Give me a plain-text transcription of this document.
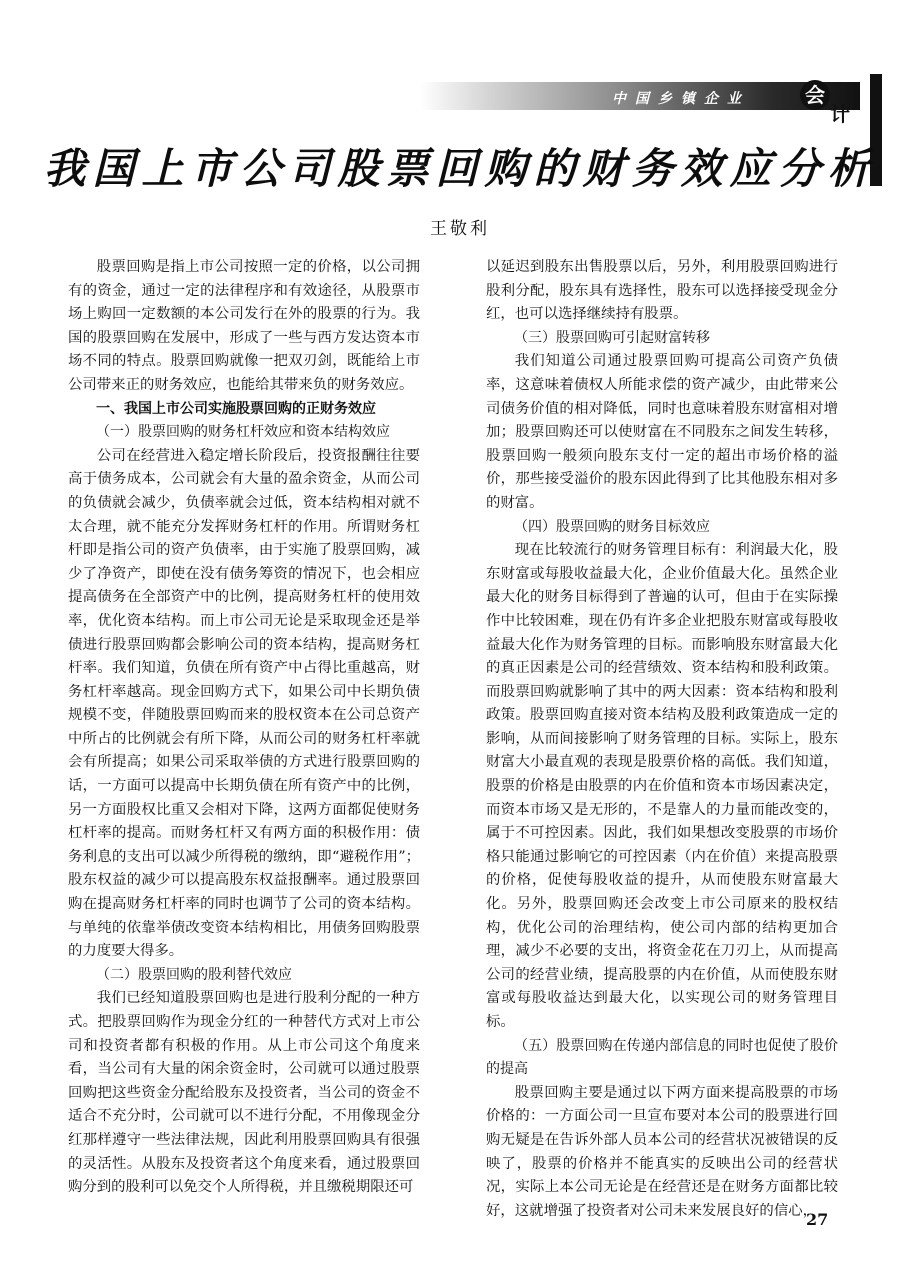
中国乡镇企业	会
计
我国上市公司股票回购的财务效应分析
王敬利

股票回购是指上市公司按照一定的价格，以公司拥有的资金，通过一定的法律程序和有效途径，从股票市场上购回一定数额的本公司发行在外的股票的行为。我国的股票回购在发展中，形成了一些与西方发达资本市场不同的特点。股票回购就像一把双刃剑，既能给上市公司带来正的财务效应，也能给其带来负的财务效应。

一、我国上市公司实施股票回购的正财务效应

（一）股票回购的财务杠杆效应和资本结构效应

公司在经营进入稳定增长阶段后，投资报酬往往要高于债务成本，公司就会有大量的盈余资金，从而公司的负债就会减少，负债率就会过低，资本结构相对就不太合理，就不能充分发挥财务杠杆的作用。所谓财务杠杆即是指公司的资产负债率，由于实施了股票回购，减少了净资产，即使在没有债务筹资的情况下，也会相应提高债务在全部资产中的比例，提高财务杠杆的使用效率，优化资本结构。而上市公司无论是采取现金还是举债进行股票回购都会影响公司的资本结构，提高财务杠杆率。我们知道，负债在所有资产中占得比重越高，财务杠杆率越高。现金回购方式下，如果公司中长期负债规模不变，伴随股票回购而来的股权资本在公司总资产中所占的比例就会有所下降，从而公司的财务杠杆率就会有所提高；如果公司采取举债的方式进行股票回购的话，一方面可以提高中长期负债在所有资产中的比例，另一方面股权比重又会相对下降，这两方面都促使财务杠杆率的提高。而财务杠杆又有两方面的积极作用：债务利息的支出可以减少所得税的缴纳，即“避税作用”；股东权益的减少可以提高股东权益报酬率。通过股票回购在提高财务杠杆率的同时也调节了公司的资本结构。与单纯的依靠举债改变资本结构相比，用债务回购股票的力度要大得多。

（二）股票回购的股利替代效应

我们已经知道股票回购也是进行股利分配的一种方式。把股票回购作为现金分红的一种替代方式对上市公司和投资者都有积极的作用。从上市公司这个角度来看，当公司有大量的闲余资金时，公司就可以通过股票回购把这些资金分配给股东及投资者，当公司的资金不适合不充分时，公司就可以不进行分配，不用像现金分红那样遵守一些法律法规，因此利用股票回购具有很强的灵活性。从股东及投资者这个角度来看，通过股票回购分到的股利可以免交个人所得税，并且缴税期限还可

以延迟到股东出售股票以后，另外，利用股票回购进行股利分配，股东具有选择性，股东可以选择接受现金分红，也可以选择继续持有股票。

（三）股票回购可引起财富转移

我们知道公司通过股票回购可提高公司资产负债率，这意味着债权人所能求偿的资产减少，由此带来公司债务价值的相对降低，同时也意味着股东财富相对增加；股票回购还可以使财富在不同股东之间发生转移，股票回购一般须向股东支付一定的超出市场价格的溢价，那些接受溢价的股东因此得到了比其他股东相对多的财富。

（四）股票回购的财务目标效应

现在比较流行的财务管理目标有：利润最大化，股东财富或每股收益最大化，企业价值最大化。虽然企业最大化的财务目标得到了普遍的认可，但由于在实际操作中比较困难，现在仍有许多企业把股东财富或每股收益最大化作为财务管理的目标。而影响股东财富最大化的真正因素是公司的经营绩效、资本结构和股利政策。而股票回购就影响了其中的两大因素：资本结构和股利政策。股票回购直接对资本结构及股利政策造成一定的影响，从而间接影响了财务管理的目标。实际上，股东财富大小最直观的表现是股票价格的高低。我们知道，股票的价格是由股票的内在价值和资本市场因素决定，而资本市场又是无形的，不是靠人的力量而能改变的，属于不可控因素。因此，我们如果想改变股票的市场价格只能通过影响它的可控因素（内在价值）来提高股票的价格，促使每股收益的提升，从而使股东财富最大化。另外，股票回购还会改变上市公司原来的股权结构，优化公司的治理结构，使公司内部的结构更加合理，减少不必要的支出，将资金花在刀刃上，从而提高公司的经营业绩，提高股票的内在价值，从而使股东财富或每股收益达到最大化，以实现公司的财务管理目标。

（五）股票回购在传递内部信息的同时也促使了股价的提高

股票回购主要是通过以下两方面来提高股票的市场价格的：一方面公司一旦宣布要对本公司的股票进行回购无疑是在告诉外部人员本公司的经营状况被错误的反映了，股票的价格并不能真实的反映出公司的经营状况，实际上本公司无论是在经营还是在财务方面都比较好，这就增强了投资者对公司未来发展良好的信心，

27
